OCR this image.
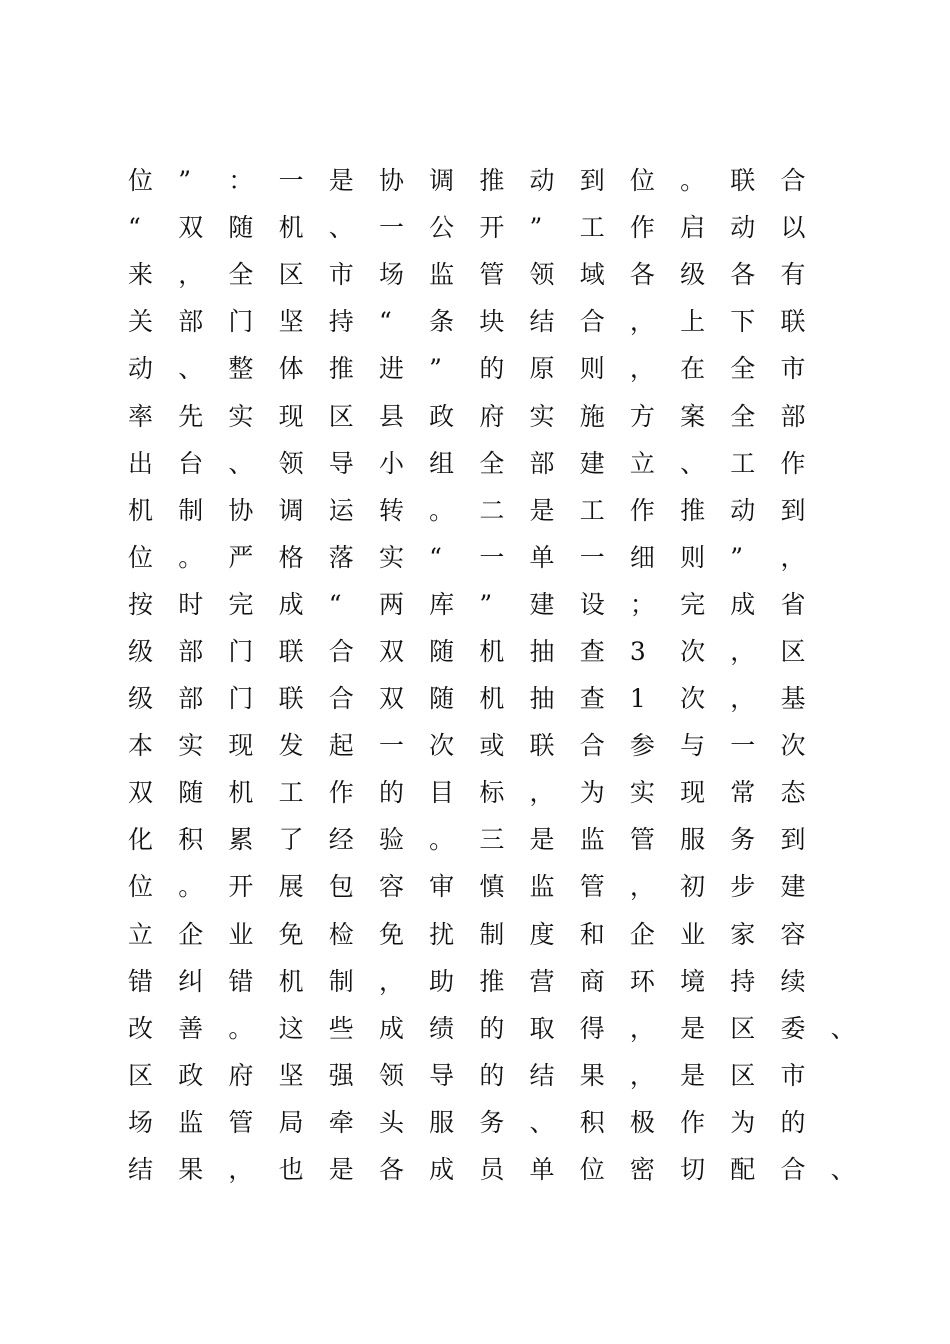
位	”	：	一	是	协	调	推	动	到	位	。	联	合
“	双	随	机	、	一	公	开	”	工	作	启	动	以
来	，	全	区	市	场	监	管	领	域	各	级	各	有
关	部	门	坚	持	“	条	块	结	合	，	上	下	联
动	、	整	体	推	进	”	的	原	则	，	在	全	市
率	先	实	现	区	县	政	府	实	施	方	案	全	部
出	台	、	领	导	小	组	全	部	建	立	、	工	作
机	制	协	调	运	转	。	二	是	工	作	推	动	到
位	。	严	格	落	实	“	一	单	一	细	则	”	，
按	时	完	成	“	两	库	”	建	设	；	完	成	省
级	部	门	联	合	双	随	机	抽	查	3	次	，	区
级	部	门	联	合	双	随	机	抽	查	1	次	，	基
本	实	现	发	起	一	次	或	联	合	参	与	一	次
双	随	机	工	作	的	目	标	，	为	实	现	常	态
化	积	累	了	经	验	。	三	是	监	管	服	务	到
位	。	开	展	包	容	审	慎	监	管	，	初	步	建
立	企	业	免	检	免	扰	制	度	和	企	业	家	容
错	纠	错	机	制	，	助	推	营	商	环	境	持	续
改	善	。	这	些	成	绩	的	取	得	，	是	区	委	、
区	政	府	坚	强	领	导	的	结	果	，	是	区	市
场	监	管	局	牵	头	服	务	、	积	极	作	为	的
结	果	，	也	是	各	成	员	单	位	密	切	配	合	、
